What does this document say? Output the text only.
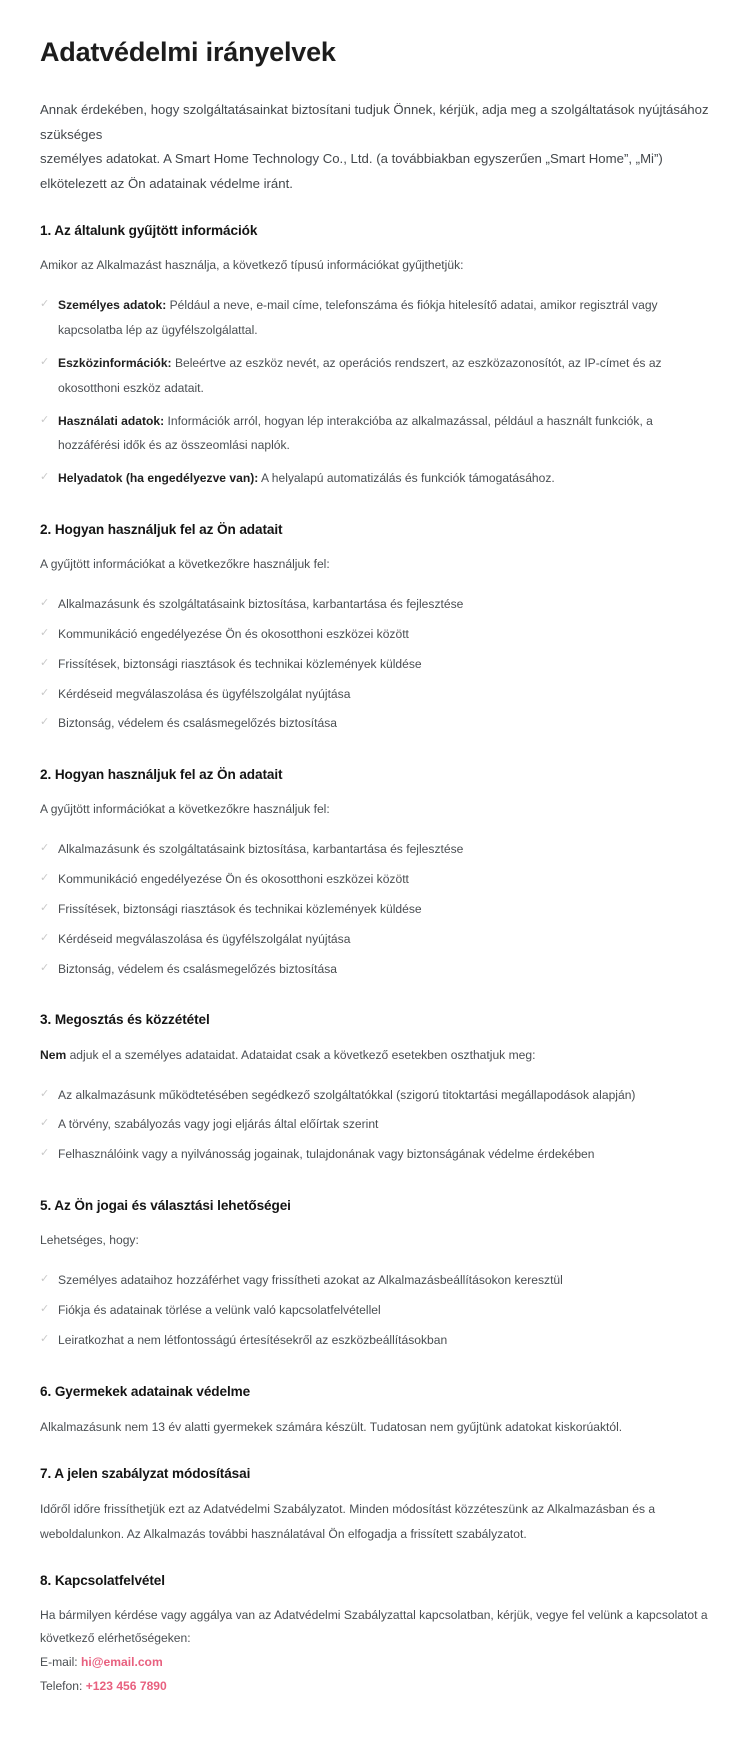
Adatvédelmi irányelvek

Annak érdekében, hogy szolgáltatásainkat biztosítani tudjuk Önnek, kérjük, adja meg a szolgáltatások nyújtásához szükséges

személyes adatokat. A Smart Home Technology Co., Ltd. (a továbbiakban egyszerűen „Smart Home”, „Mi”) elkötelezett az Ön adatainak védelme iránt.

1. Az általunk gyűjtött információk

Amikor az Alkalmazást használja, a következő típusú információkat gyűjthetjük:

✓ Személyes adatok: Például a neve, e-mail címe, telefonszáma és fiókja hitelesítő adatai, amikor regisztrál vagy kapcsolatba lép az ügyfélszolgálattal.
✓ Eszközinformációk: Beleértve az eszköz nevét, az operációs rendszert, az eszközazonosítót, az IP-címet és az okosotthoni eszköz adatait.
✓ Használati adatok: Információk arról, hogyan lép interakcióba az alkalmazással, például a használt funkciók, a hozzáférési idők és az összeomlási naplók.
✓ Helyadatok (ha engedélyezve van): A helyalapú automatizálás és funkciók támogatásához.
2. Hogyan használjuk fel az Ön adatait

A gyűjtött információkat a következőkre használjuk fel:

✓ Alkalmazásunk és szolgáltatásaink biztosítása, karbantartása és fejlesztése
✓ Kommunikáció engedélyezése Ön és okosotthoni eszközei között
✓ Frissítések, biztonsági riasztások és technikai közlemények küldése
✓ Kérdéseid megválaszolása és ügyfélszolgálat nyújtása
✓ Biztonság, védelem és csalásmegelőzés biztosítása
2. Hogyan használjuk fel az Ön adatait

A gyűjtött információkat a következőkre használjuk fel:

✓ Alkalmazásunk és szolgáltatásaink biztosítása, karbantartása és fejlesztése
✓ Kommunikáció engedélyezése Ön és okosotthoni eszközei között
✓ Frissítések, biztonsági riasztások és technikai közlemények küldése
✓ Kérdéseid megválaszolása és ügyfélszolgálat nyújtása
✓ Biztonság, védelem és csalásmegelőzés biztosítása
3. Megosztás és közzététel

Nem adjuk el a személyes adataidat. Adataidat csak a következő esetekben oszthatjuk meg:

✓ Az alkalmazásunk működtetésében segédkező szolgáltatókkal (szigorú titoktartási megállapodások alapján)
✓ A törvény, szabályozás vagy jogi eljárás által előírtak szerint
✓ Felhasználóink vagy a nyilvánosság jogainak, tulajdonának vagy biztonságának védelme érdekében
5. Az Ön jogai és választási lehetőségei

Lehetséges, hogy:

✓ Személyes adataihoz hozzáférhet vagy frissítheti azokat az Alkalmazásbeállításokon keresztül
✓ Fiókja és adatainak törlése a velünk való kapcsolatfelvétellel
✓ Leiratkozhat a nem létfontosságú értesítésekről az eszközbeállításokban
6. Gyermekek adatainak védelme

Alkalmazásunk nem 13 év alatti gyermekek számára készült. Tudatosan nem gyűjtünk adatokat kiskorúaktól.

7. A jelen szabályzat módosításai

Időről időre frissíthetjük ezt az Adatvédelmi Szabályzatot. Minden módosítást közzéteszünk az Alkalmazásban és a weboldalunkon. Az Alkalmazás további használatával Ön elfogadja a frissített szabályzatot.

8. Kapcsolatfelvétel

Ha bármilyen kérdése vagy aggálya van az Adatvédelmi Szabályzattal kapcsolatban, kérjük, vegye fel velünk a kapcsolatot a következő elérhetőségeken:

E-mail: hi@email.com

Telefon: +123 456 7890
